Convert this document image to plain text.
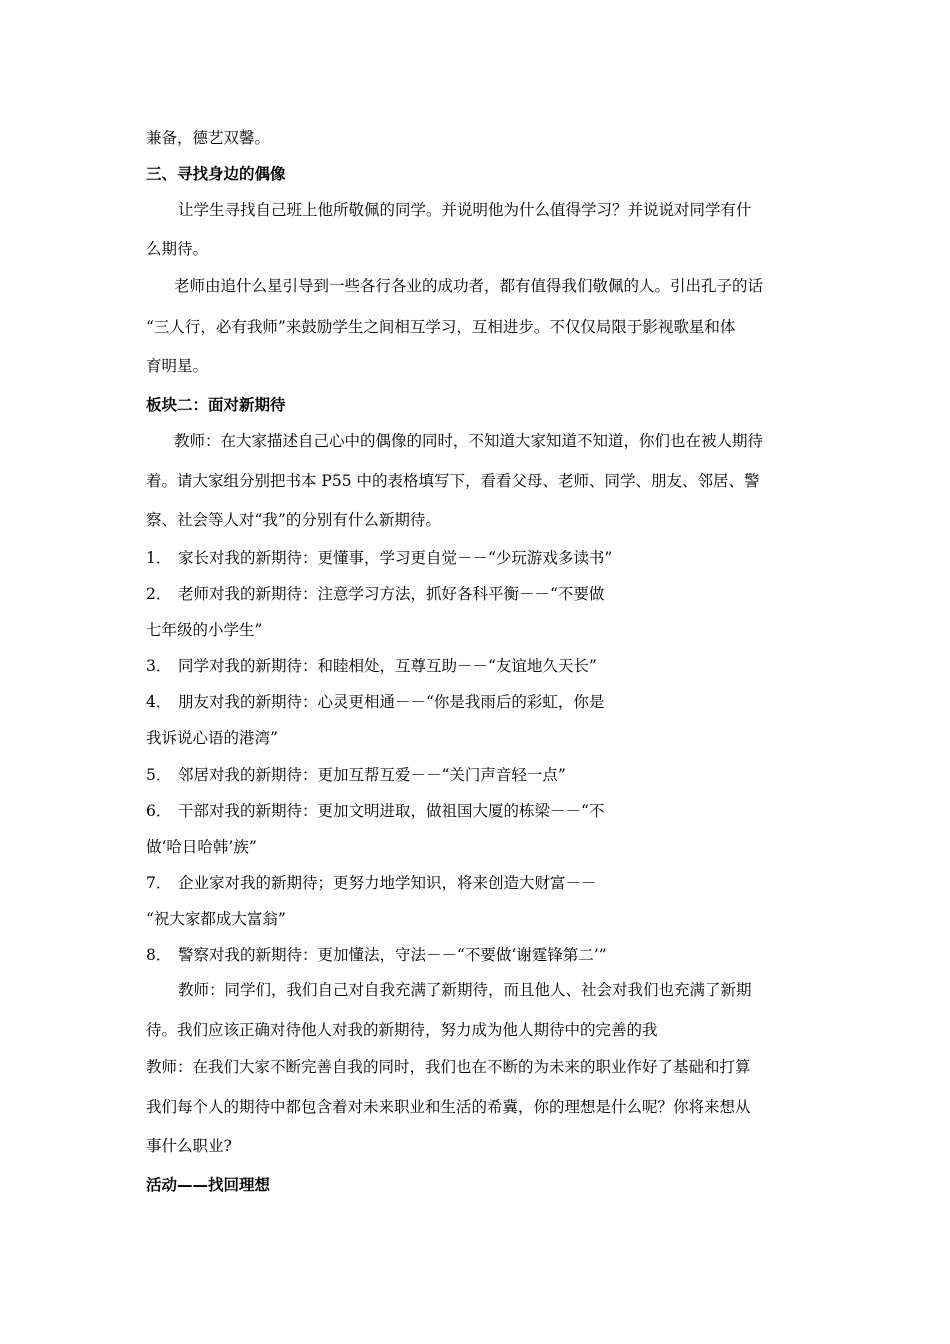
兼备，德艺双馨。
三、寻找身边的偶像
让学生寻找自己班上他所敬佩的同学。并说明他为什么值得学习？并说说对同学有什
么期待。
老师由追什么星引导到一些各行各业的成功者，都有值得我们敬佩的人。引出孔子的话
“三人行，必有我师”来鼓励学生之间相互学习，互相进步。不仅仅局限于影视歌星和体
育明星。
板块二：面对新期待
教师：在大家描述自己心中的偶像的同时，不知道大家知道不知道，你们也在被人期待
着。请大家组分别把书本 P55 中的表格填写下，看看父母、老师、同学、朋友、邻居、警
察、社会等人对“我”的分别有什么新期待。
1． 家长对我的新期待：更懂事，学习更自觉－－“少玩游戏多读书”
2． 老师对我的新期待：注意学习方法，抓好各科平衡－－“不要做
七年级的小学生”
3． 同学对我的新期待：和睦相处，互尊互助－－“友谊地久天长”
4． 朋友对我的新期待：心灵更相通－－“你是我雨后的彩虹，你是
我诉说心语的港湾”
5． 邻居对我的新期待：更加互帮互爱－－“关门声音轻一点”
6． 干部对我的新期待：更加文明进取，做祖国大厦的栋梁－－“不
做‘哈日哈韩’族”
7． 企业家对我的新期待；更努力地学知识，将来创造大财富－－
“祝大家都成大富翁”
8． 警察对我的新期待：更加懂法，守法－－“不要做‘谢霆锋第二’”
教师：同学们，我们自己对自我充满了新期待，而且他人、社会对我们也充满了新期
待。我们应该正确对待他人对我的新期待，努力成为他人期待中的完善的我
教师：在我们大家不断完善自我的同时，我们也在不断的为未来的职业作好了基础和打算
我们每个人的期待中都包含着对未来职业和生活的希冀，你的理想是什么呢？你将来想从
事什么职业?
活动——找回理想
